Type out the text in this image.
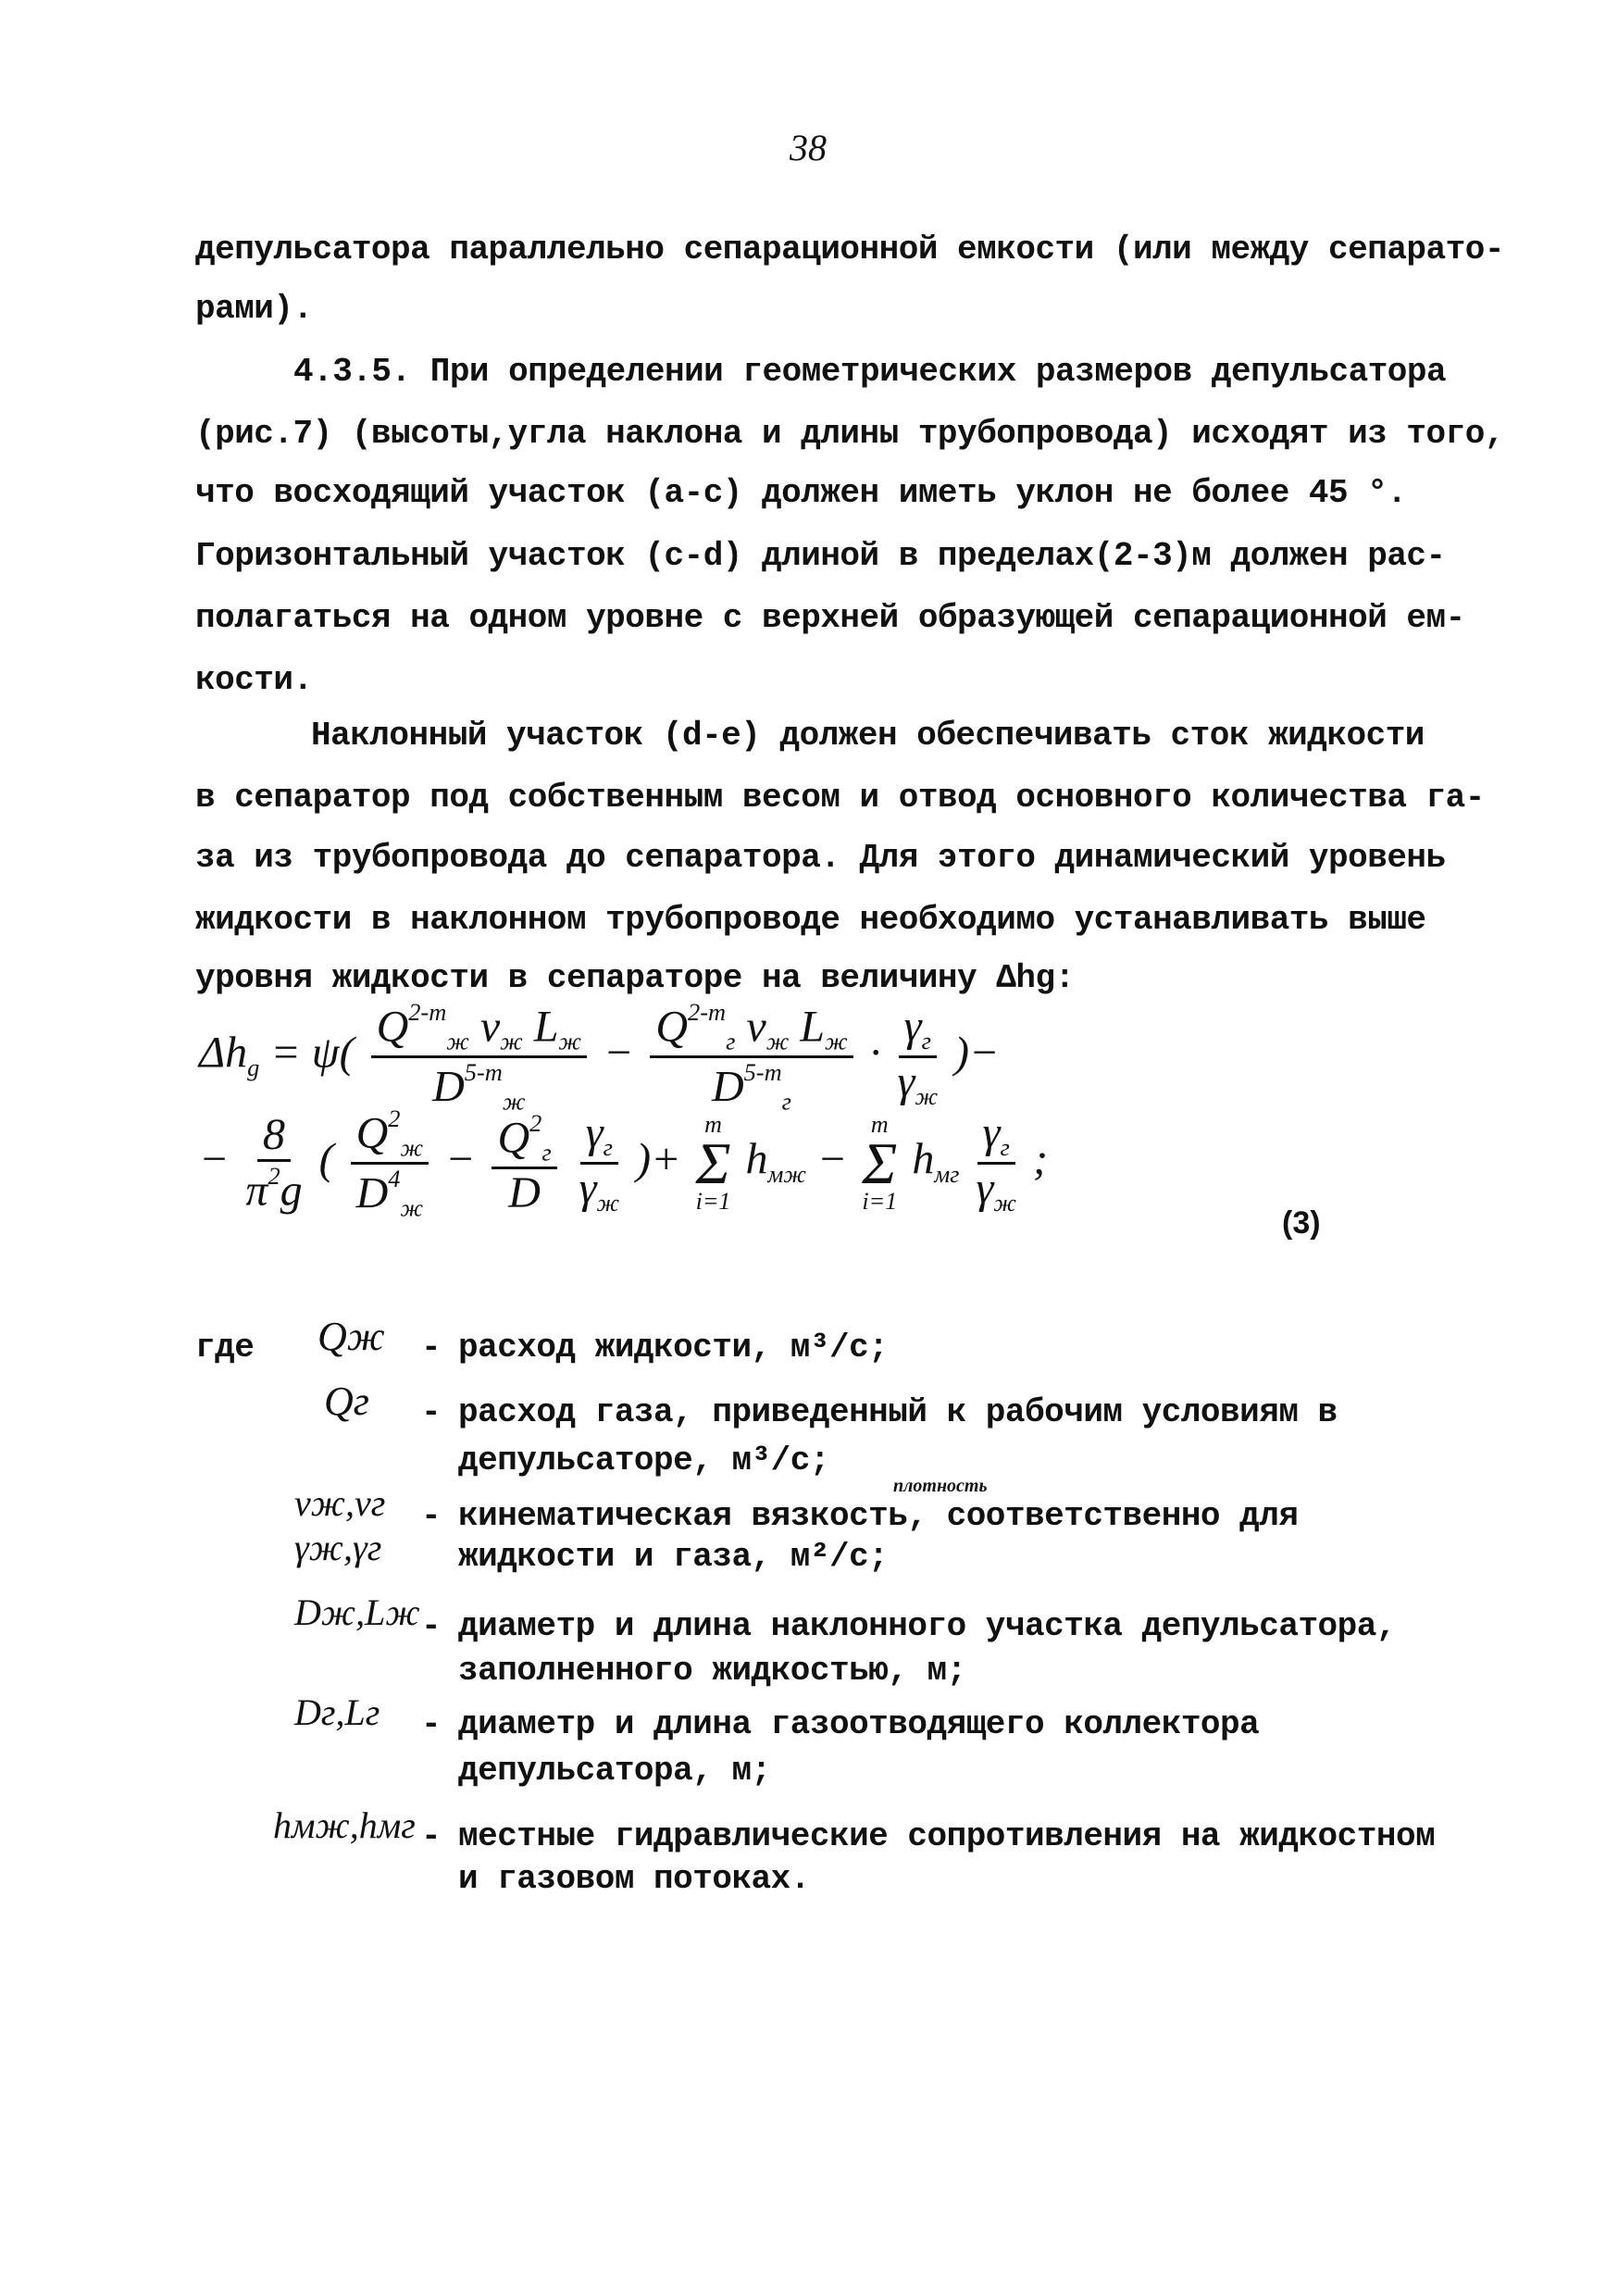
38
депульсатора параллельно сепарационной емкости (или между сепарато-
рами).
4.3.5. При определении геометрических размеров депульсатора
(рис.7) (высоты,угла наклона и длины трубопровода) исходят из того,
что восходящий участок (а-с) должен иметь уклон не более 45 °.
Горизонтальный участок (с-d) длиной в пределах(2-3)м должен рас-
полагаться на одном уровне с верхней образующей сепарационной ем-
кости.
Наклонный участок (d-е) должен обеспечивать сток жидкости
в сепаратор под собственным весом и отвод основного количества га-
за из трубопровода до сепаратора. Для этого динамический уровень
жидкости в наклонном трубопроводе необходимо устанавливать выше
уровня жидкости в сепараторе на величину Δhg:
$\Delta h_g = \psi( \frac{Q^{2-m}_ж \nu_ж L_ж}{D^{5-m}_ж} - \frac{Q^{2-m}_г \nu_ж L_ж}{D^{5-m}_г} \cdot \frac{\gamma_г}{\gamma_ж}$ )−
− $\frac{8}{\pi^2g}$ ( $\frac{Q^2_ж}{D^4_ж} - \frac{Q^2_г}{D}$
$\frac{\gamma_г}{\gamma_ж}$ )+
m
Σ
i=1
$h_{мж}$ −
m
Σ
i=1
$h_{мг} \frac{\gamma_г}{\gamma_ж}$ ;
(3)
где Qж - расход жидкости, м³/с;
Qг - расход газа, приведенный к рабочим условиям в
депульсаторе, м³/с;
плотность
νж,νг - кинематическая вязкость, соответственно для
γж,γг жидкости и газа, м²/с;
Dж,Lж - диаметр и длина наклонного участка депульсатора,
заполненного жидкостью, м;
Dг,Lг - диаметр и длина газоотводящего коллектора
депульсатора, м;
hмж,hмг - местные гидравлические сопротивления на жидкостном
и газовом потоках.
